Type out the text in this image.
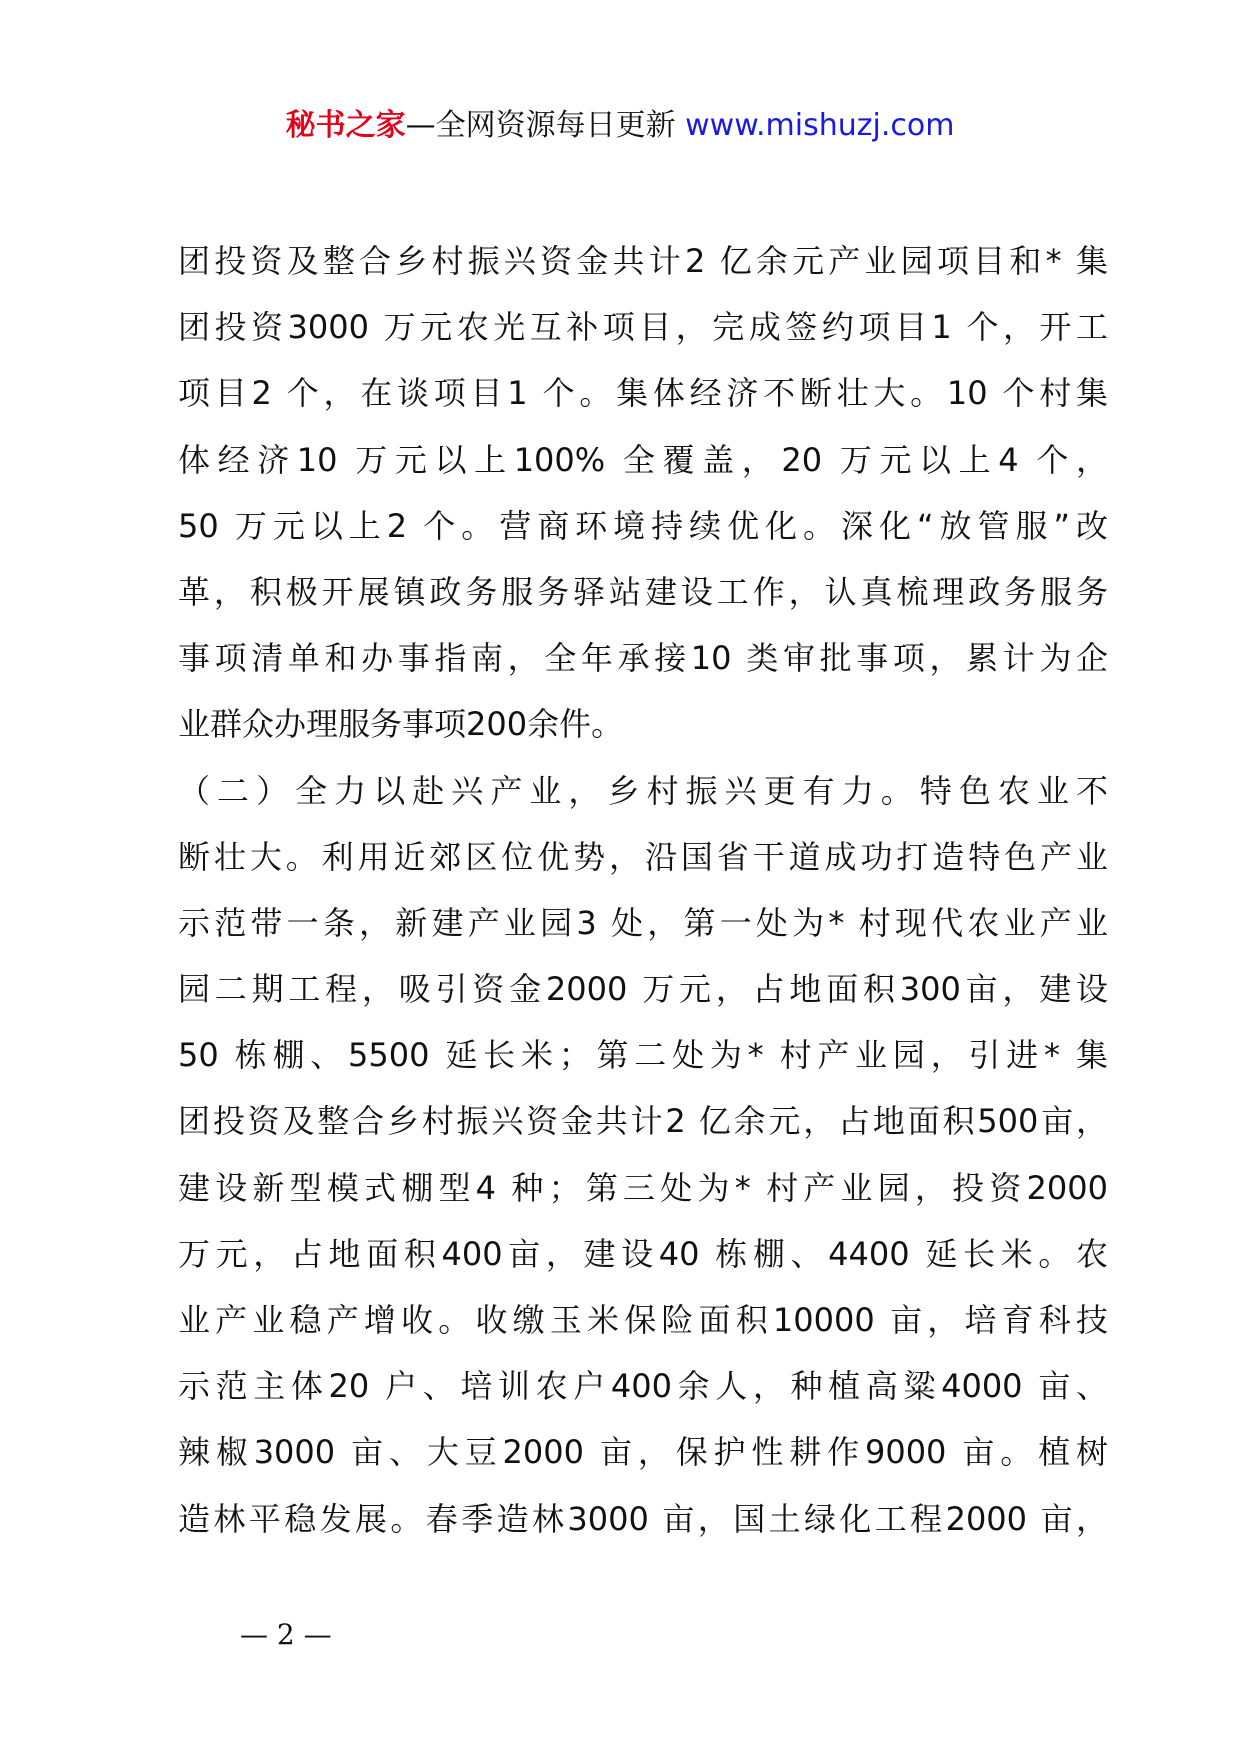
秘书之家—全网资源每日更新 www.mishuzj.com
团投资及整合乡村振兴资金共计2 亿余元产业园项目和* 集
团投资3000 万元农光互补项目，完成签约项目1 个，开工
项目2 个，在谈项目1 个。集体经济不断壮大。10 个村集
体经济10 万元以上100% 全覆盖，20 万元以上4 个，
50 万元以上2 个。营商环境持续优化。深化“放管服”改
革，积极开展镇政务服务驿站建设工作，认真梳理政务服务
事项清单和办事指南，全年承接10 类审批事项，累计为企
业群众办理服务事项200余件。
（二）全力以赴兴产业，乡村振兴更有力。特色农业不
断壮大。利用近郊区位优势，沿国省干道成功打造特色产业
示范带一条，新建产业园3 处，第一处为* 村现代农业产业
园二期工程，吸引资金2000 万元，占地面积300亩，建设
50 栋棚、5500 延长米；第二处为* 村产业园，引进* 集
团投资及整合乡村振兴资金共计2 亿余元，占地面积500亩，
建设新型模式棚型4 种；第三处为* 村产业园，投资2000
万元，占地面积400亩，建设40 栋棚、4400 延长米。农
业产业稳产增收。收缴玉米保险面积10000 亩，培育科技
示范主体20 户、培训农户400余人，种植高粱4000 亩、
辣椒3000 亩、大豆2000 亩，保护性耕作9000 亩。植树
造林平稳发展。春季造林3000 亩，国土绿化工程2000 亩，
— 2 —
